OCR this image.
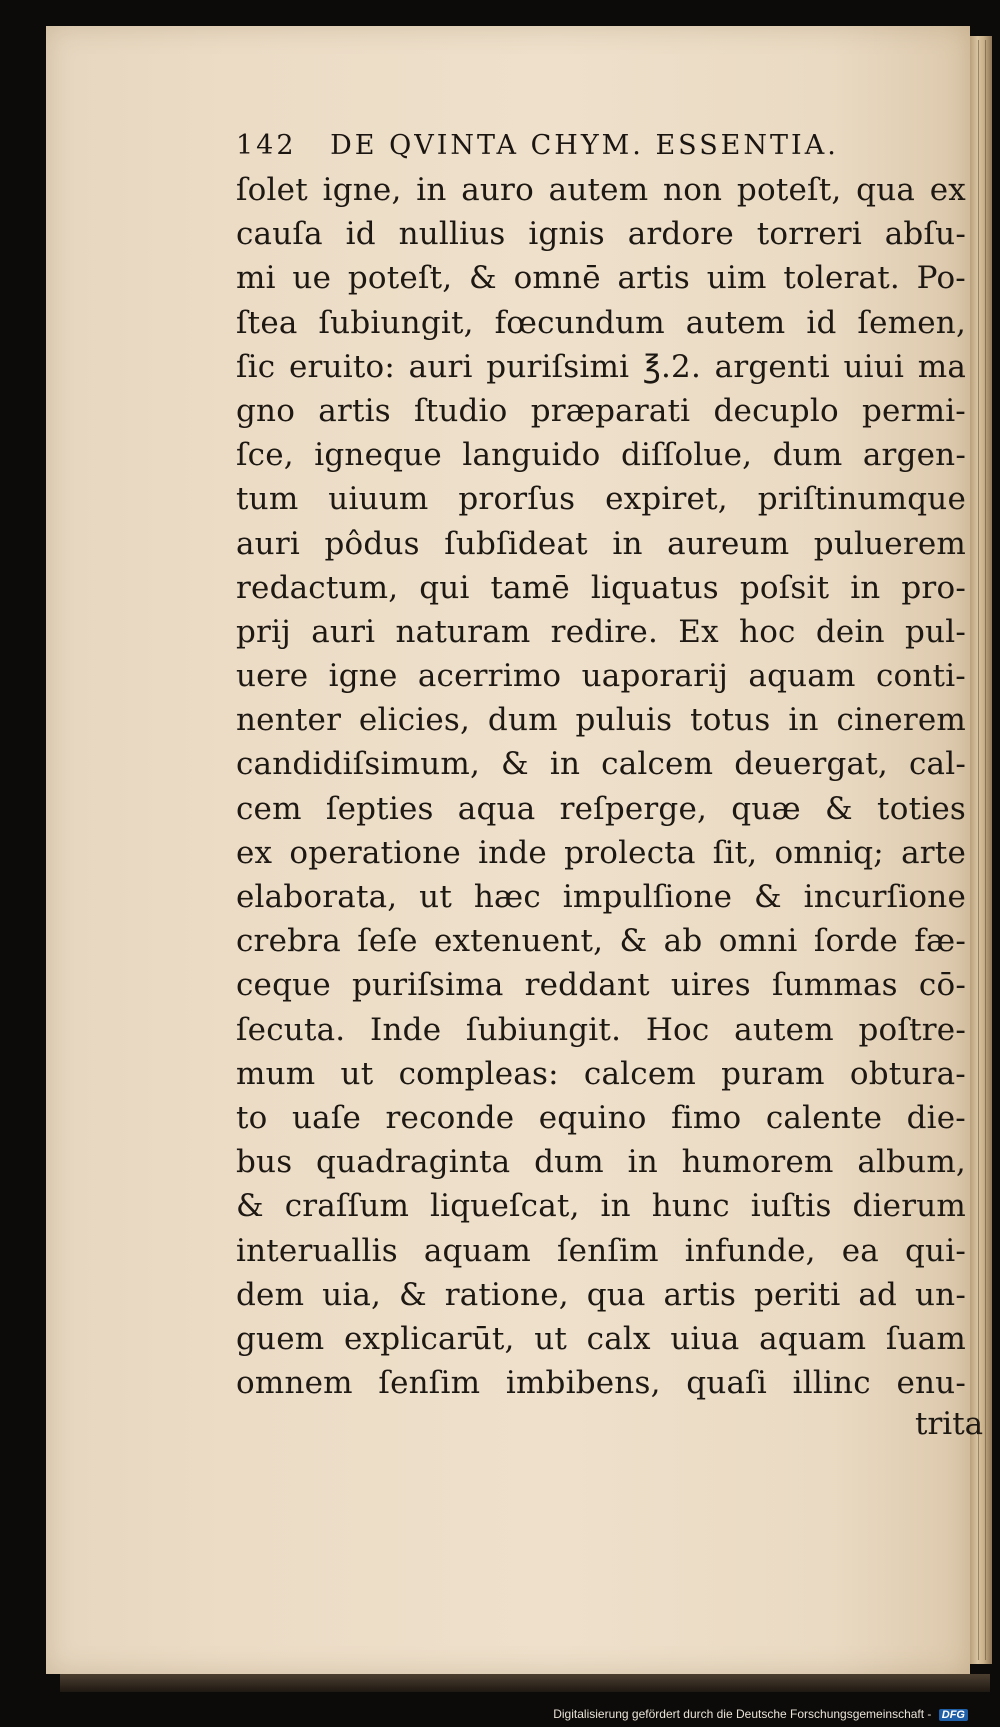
142 DE QVINTA CHYM. ESSENTIA.
ſolet igne, in auro autem non poteſt, qua ex
cauſa id nullius ignis ardore torreri abſu-
mi ue poteſt, & omnē artis uim tolerat. Po-
ſtea ſubiungit, fœcundum autem id ſemen,
ſic eruito: auri puriſsimi ℥.2. argenti uiui ma
gno artis ſtudio præparati decuplo permi-
ſce, igneque languido diſſolue, dum argen-
tum uiuum prorſus expiret, priſtinumque
auri pôdus ſubſideat in aureum puluerem
redactum, qui tamē liquatus poſsit in pro-
prij auri naturam redire. Ex hoc dein pul-
uere igne acerrimo uaporarij aquam conti-
nenter elicies, dum puluis totus in cinerem
candidiſsimum, & in calcem deuergat, cal-
cem ſepties aqua reſperge, quæ & toties
ex operatione inde prolecta ſit, omniq; arte
elaborata, ut hæc impulſione & incurſione
crebra ſeſe extenuent, & ab omni ſorde fæ-
ceque puriſsima reddant uires ſummas cō-
ſecuta. Inde ſubiungit. Hoc autem poſtre-
mum ut compleas: calcem puram obtura-
to uaſe reconde equino fimo calente die-
bus quadraginta dum in humorem album,
& craſſum liqueſcat, in hunc iuſtis dierum
interuallis aquam ſenſim infunde, ea qui-
dem uia, & ratione, qua artis periti ad un-
guem explicarūt, ut calx uiua aquam ſuam
omnem ſenſim imbibens, quaſi illinc enu-
trita
Digitalisierung gefördert durch die Deutsche Forschungsgemeinschaft - DFG
